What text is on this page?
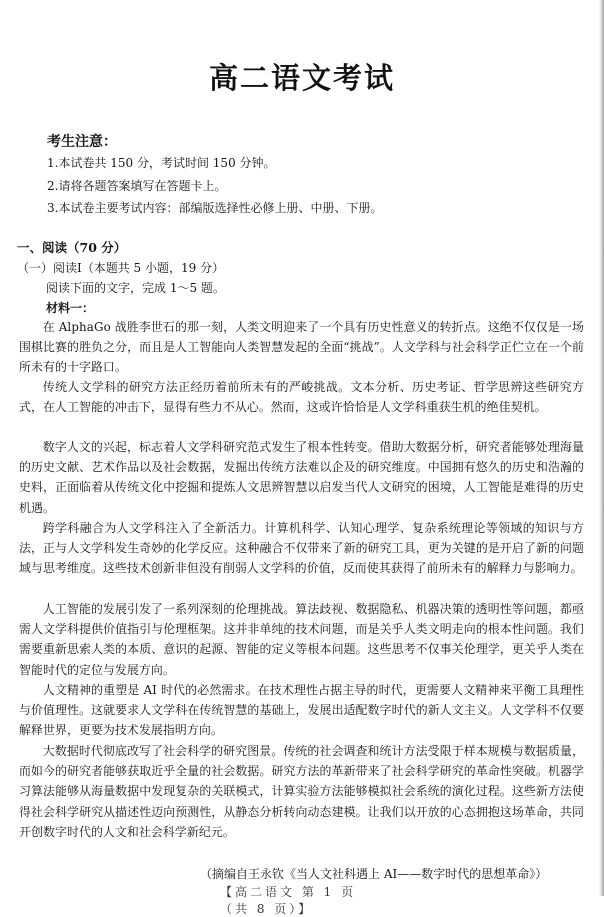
高二语文考试
考生注意：
1.本试卷共 150 分，考试时间 150 分钟。
2.请将各题答案填写在答题卡上。
3.本试卷主要考试内容：部编版选择性必修上册、中册、下册。
一、阅读（70 分）
（一）阅读Ⅰ（本题共 5 小题，19 分）
阅读下面的文字，完成 1～5 题。
材料一：
在 AlphaGo 战胜李世石的那一刻，人类文明迎来了一个具有历史性意义的转折点。这绝不仅仅是一场围棋比赛的胜负之分，而且是人工智能向人类智慧发起的全面“挑战”。人文学科与社会科学正伫立在一个前所未有的十字路口。
传统人文学科的研究方法正经历着前所未有的严峻挑战。文本分析、历史考证、哲学思辨这些研究方式，在人工智能的冲击下，显得有些力不从心。然而，这或许恰恰是人文学科重获生机的绝佳契机。
数字人文的兴起，标志着人文学科研究范式发生了根本性转变。借助大数据分析，研究者能够处理海量的历史文献、艺术作品以及社会数据，发掘出传统方法难以企及的研究维度。中国拥有悠久的历史和浩瀚的史料，正面临着从传统文化中挖掘和提炼人文思辨智慧以启发当代人文研究的困境，人工智能是难得的历史机遇。
跨学科融合为人文学科注入了全新活力。计算机科学、认知心理学、复杂系统理论等领域的知识与方法，正与人文学科发生奇妙的化学反应。这种融合不仅带来了新的研究工具，更为关键的是开启了新的问题域与思考维度。这些技术创新非但没有削弱人文学科的价值，反而使其获得了前所未有的解释力与影响力。
人工智能的发展引发了一系列深刻的伦理挑战。算法歧视、数据隐私、机器决策的透明性等问题，都亟需人文学科提供价值指引与伦理框架。这并非单纯的技术问题，而是关乎人类文明走向的根本性问题。我们需要重新思索人类的本质、意识的起源、智能的定义等根本问题。这些思考不仅事关伦理学，更关乎人类在智能时代的定位与发展方向。
人文精神的重塑是 AI 时代的必然需求。在技术理性占据主导的时代，更需要人文精神来平衡工具理性与价值理性。这就要求人文学科在传统智慧的基础上，发展出适配数字时代的新人文主义。人文学科不仅要解释世界，更要为技术发展指明方向。
大数据时代彻底改写了社会科学的研究图景。传统的社会调查和统计方法受限于样本规模与数据质量，而如今的研究者能够获取近乎全量的社会数据。研究方法的革新带来了社会科学研究的革命性突破。机器学习算法能够从海量数据中发现复杂的关联模式，计算实验方法能够模拟社会系统的演化过程。这些新方法使得社会科学研究从描述性迈向预测性，从静态分析转向动态建模。让我们以开放的心态拥抱这场革命，共同开创数字时代的人文和社会科学新纪元。
（摘编自王永钦《当人文社科遇上 AI——数字时代的思想革命》）
【高二语文 第 1 页（共 8 页）】
